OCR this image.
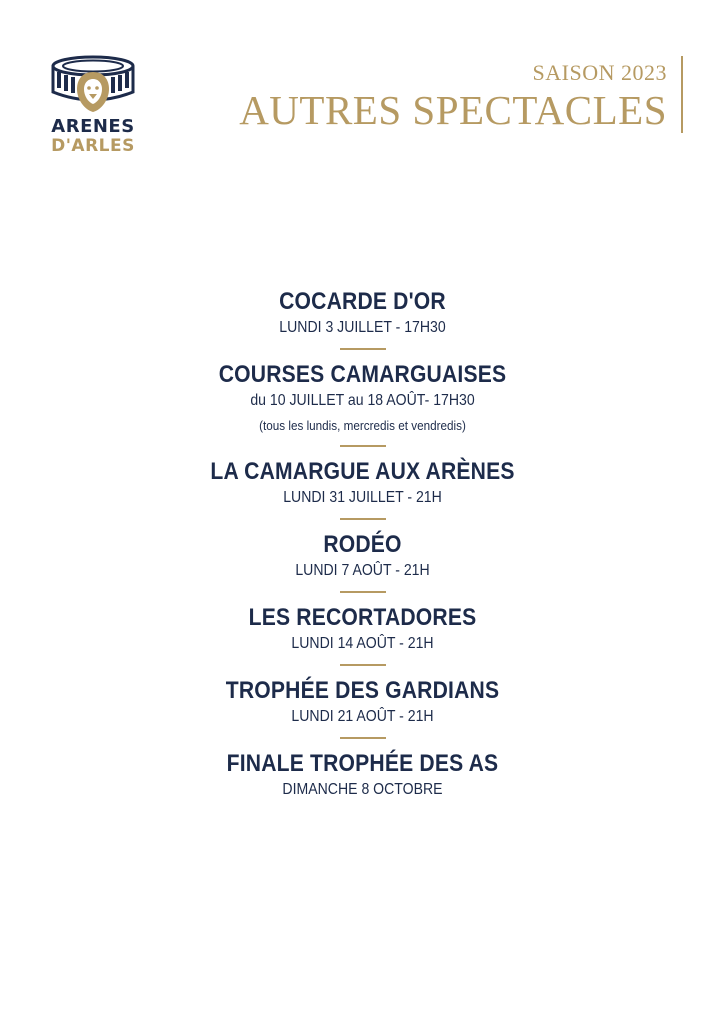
ARENES
D'ARLES
SAISON 2023
AUTRES SPECTACLES
COCARDE D'OR
LUNDI 3 JUILLET - 17H30
COURSES CAMARGUAISES
du 10 JUILLET au 18 AOÛT- 17H30
(tous les lundis, mercredis et vendredis)
LA CAMARGUE AUX ARÈNES
LUNDI 31 JUILLET - 21H
RODÉO
LUNDI 7 AOÛT - 21H
LES RECORTADORES
LUNDI 14 AOÛT - 21H
TROPHÉE DES GARDIANS
LUNDI 21 AOÛT - 21H
FINALE TROPHÉE DES AS
DIMANCHE 8 OCTOBRE
